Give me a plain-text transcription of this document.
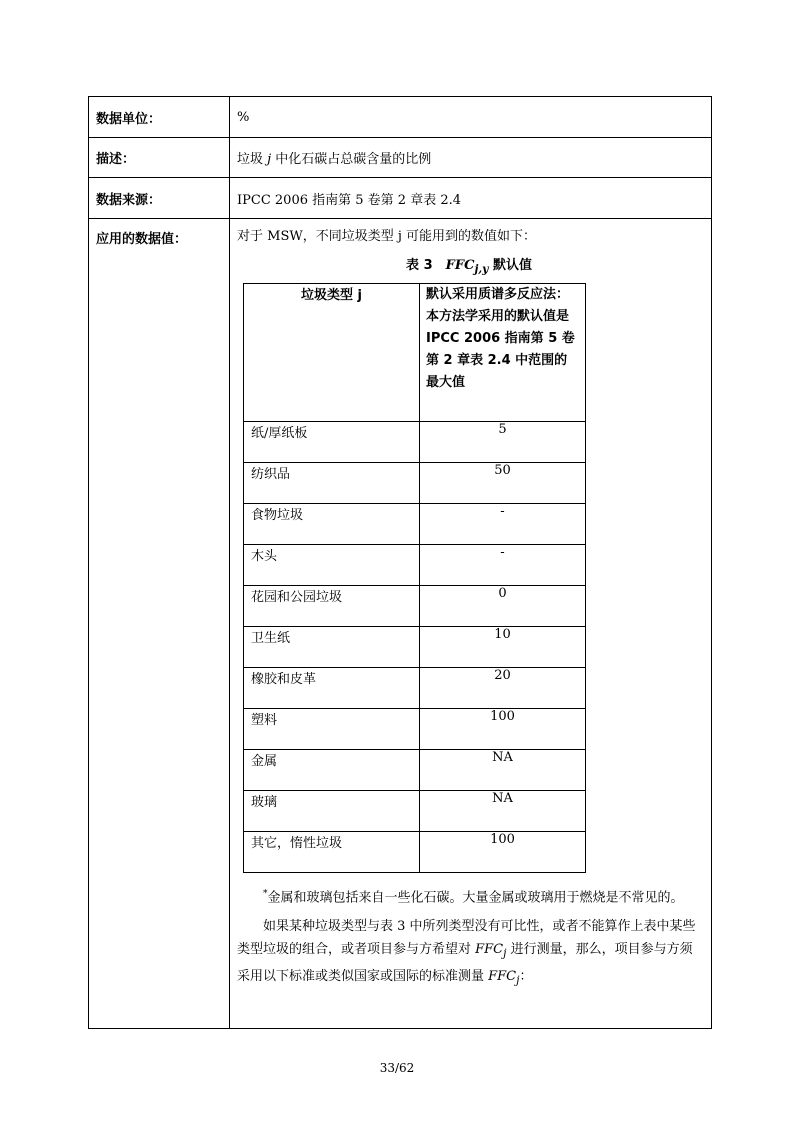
数据单位：	%
描述：	垃圾 j 中化石碳占总碳含量的比例
数据来源：	IPCC 2006 指南第 5 卷第 2 章表 2.4
应用的数据值：	对于 MSW，不同垃圾类型 j 可能用到的数值如下：

表 3　$FFC_{j,y}$ 默认值
垃圾类型 j	默认采用质谱多反应法：本方法学采用的默认值是 IPCC 2006 指南第 5 卷第 2 章表 2.4 中范围的最大值
纸/厚纸板	5
纺织品	50
食物垃圾	-
木头	-
花园和公园垃圾	0
卫生纸	10
橡胶和皮革	20
塑料	100
金属	NA
玻璃	NA
其它，惰性垃圾	100

*金属和玻璃包括来自一些化石碳。大量金属或玻璃用于燃烧是不常见的。

如果某种垃圾类型与表 3 中所列类型没有可比性，或者不能算作上表中某些类型垃圾的组合，或者项目参与方希望对 $FFC_j$ 进行测量，那么，项目参与方须采用以下标准或类似国家或国际的标准测量 $FFC_j$：

33/62
